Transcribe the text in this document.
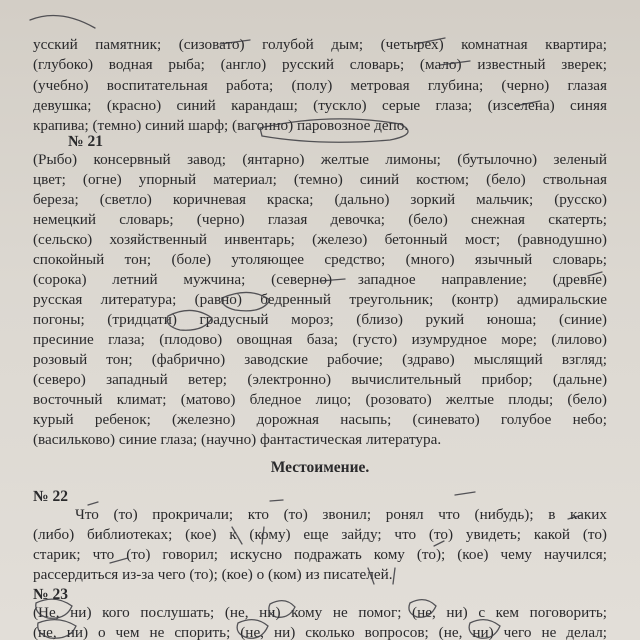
усский памятник; (сизовато) голубой дым; (четырех) комнатная квартира;
(глубоко) водная рыба; (англо) русский словарь; (мало) известный зверек;
(учебно) воспитательная работа; (полу) метровая глубина; (черно) глазая
девушка; (красно) синий карандаш; (тускло) серые глаза; (изселена) синяя
крапива; (темно) синий шарф; (вагонно) паровозное депо.
№ 21
(Рыбо) консервный завод; (янтарно) желтые лимоны; (бутылочно) зеленый
цвет; (огне) упорный материал; (темно) синий костюм; (бело) ствольная
береза; (светло) коричневая краска; (дально) зоркий мальчик; (русско)
немецкий словарь; (черно) глазая девочка; (бело) снежная скатерть;
(сельско) хозяйственный инвентарь; (железо) бетонный мост; (равнодушно)
спокойный тон; (боле) утоляющее средство; (много) язычный словарь;
(сорока) летний мужчина; (северно) западное направление; (древне)
русская литература; (равно) бедренный треугольник; (контр) адмиральские
погоны; (тридцати) градусный мороз; (близо) рукий юноша; (синие)
пресиние глаза; (плодово) овощная база; (густо) изумрудное море; (лилово)
розовый тон; (фабрично) заводские рабочие; (здраво) мыслящий взгляд;
(северо) западный ветер; (электронно) вычислительный прибор; (дальне)
восточный климат; (матово) бледное лицо; (розовато) желтые плоды; (бело)
курый ребенок; (железно) дорожная насыпь; (синевато) голубое небо;
(васильково) синие глаза; (научно) фантастическая литература.
Местоимение.
№ 22
Что (то) прокричали; кто (то) звонил; ронял что (нибудь); в каких
(либо) библиотеках; (кое) к (кому) еще зайду; что (то) увидеть; какой (то)
старик; что (то) говорил; искусно подражать кому (то); (кое) чему научился;
рассердиться из-за чего (то); (кое) о (ком) из писателей.
№ 23
(Не, ни) кого послушать; (не, ни) кому не помог; (не, ни) с кем поговорить;
(не, ни) о чем не спорить; (не, ни) сколько вопросов; (не, ни) чего не делал;
